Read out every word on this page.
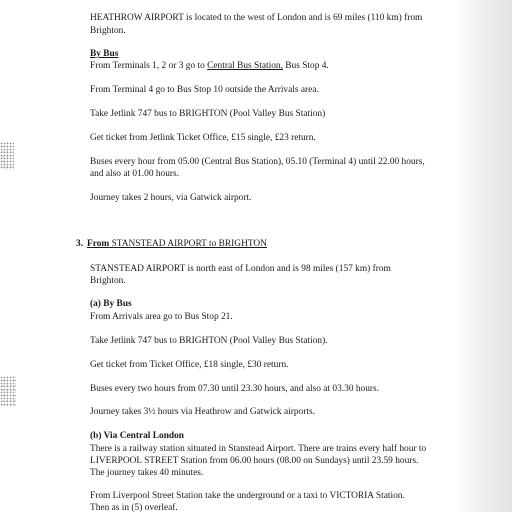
HEATHROW AIRPORT is located to the west of London and is 69 miles (110 km) from
Brighton.
By Bus
From Terminals 1, 2 or 3 go to Central Bus Station, Bus Stop 4.
From Terminal 4 go to Bus Stop 10 outside the Arrivals area.
Take Jetlink 747 bus to BRIGHTON (Pool Valley Bus Station)
Get ticket from Jetlink Ticket Office, £15 single, £23 return.
Buses every hour from 05.00 (Central Bus Station), 05.10 (Terminal 4) until 22.00 hours,
and also at 01.00 hours.
Journey takes 2 hours, via Gatwick airport.
3. From STANSTEAD AIRPORT to BRIGHTON
STANSTEAD AIRPORT is north east of London and is 98 miles (157 km) from
Brighton.
(a) By Bus
From Arrivals area go to Bus Stop 21.
Take Jetlink 747 bus to BRIGHTON (Pool Valley Bus Station).
Get ticket from Ticket Office, £18 single, £30 return.
Buses every two hours from 07.30 until 23.30 hours, and also at 03.30 hours.
Journey takes 3½ hours via Heathrow and Gatwick airports.
(b) Via Central London
There is a railway station situated in Stanstead Airport. There are trains every half hour to
LIVERPOOL STREET Station from 06.00 hours (08.00 on Sundays) until 23.59 hours.
The journey takes 40 minutes.
From Liverpool Street Station take the underground or a taxi to VICTORIA Station.
Then as in (5) overleaf.
